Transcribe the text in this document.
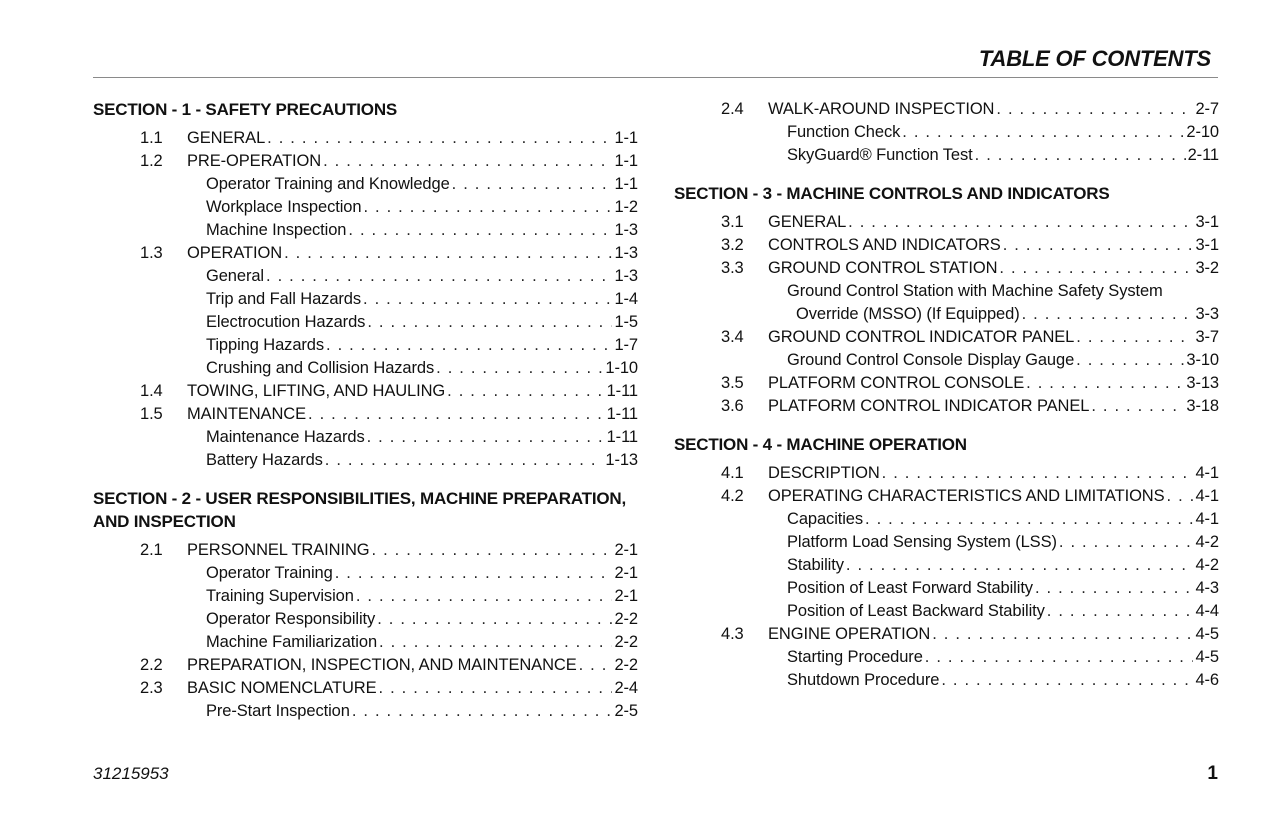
TABLE OF CONTENTS
SECTION - 1 - SAFETY PRECAUTIONS
1.1 GENERAL . . .	1-1
1.2 PRE-OPERATION . . .	1-1
Operator Training and Knowledge . . .	1-1
Workplace Inspection . . .	1-2
Machine Inspection . . .	1-3
1.3 OPERATION . . .	1-3
General . . .	1-3
Trip and Fall Hazards . . .	1-4
Electrocution Hazards . . .	1-5
Tipping Hazards . . .	1-7
Crushing and Collision Hazards . . .	1-10
1.4 TOWING, LIFTING, AND HAULING . . .	1-11
1.5 MAINTENANCE . . .	1-11
Maintenance Hazards . . .	1-11
Battery Hazards . . .	1-13
SECTION - 2 - USER RESPONSIBILITIES, MACHINE PREPARATION, AND INSPECTION
2.1 PERSONNEL TRAINING . . .	2-1
Operator Training . . .	2-1
Training Supervision . . .	2-1
Operator Responsibility . . .	2-2
Machine Familiarization . . .	2-2
2.2 PREPARATION, INSPECTION, AND MAINTENANCE . . . 2-2
2.3 BASIC NOMENCLATURE . . .	2-4
Pre-Start Inspection . . .	2-5
2.4 WALK-AROUND INSPECTION . . .	2-7
Function Check . . .	2-10
SkyGuard® Function Test . . .	2-11
SECTION - 3 - MACHINE CONTROLS AND INDICATORS
3.1 GENERAL . . .	3-1
3.2 CONTROLS AND INDICATORS . . .	3-1
3.3 GROUND CONTROL STATION . . .	3-2
Ground Control Station with Machine Safety System
Override (MSSO) (If Equipped) . . .	3-3
3.4 GROUND CONTROL INDICATOR PANEL . . .	3-7
Ground Control Console Display Gauge . . .	3-10
3.5 PLATFORM CONTROL CONSOLE . . .	3-13
3.6 PLATFORM CONTROL INDICATOR PANEL . . .	3-18
SECTION - 4 - MACHINE OPERATION
4.1 DESCRIPTION . . .	4-1
4.2 OPERATING CHARACTERISTICS AND LIMITATIONS . . . 4-1
Capacities . . .	4-1
Platform Load Sensing System (LSS) . . .	4-2
Stability . . .	4-2
Position of Least Forward Stability . . .	4-3
Position of Least Backward Stability . . .	4-4
4.3 ENGINE OPERATION . . .	4-5
Starting Procedure . . .	4-5
Shutdown Procedure . . .	4-6
31215953	1
